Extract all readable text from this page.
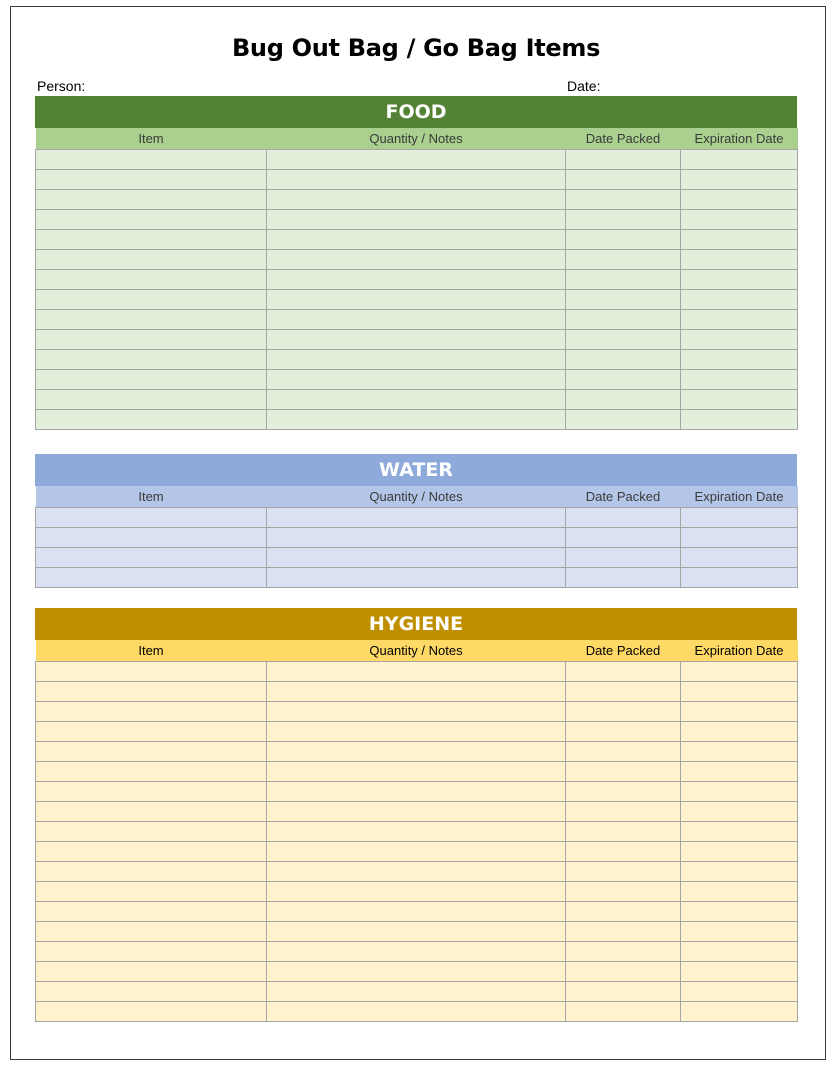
Bug Out Bag / Go Bag Items
Person:	Date:
FOOD
Item	Quantity / Notes	Date Packed	Expiration Date

WATER
Item	Quantity / Notes	Date Packed	Expiration Date

HYGIENE
Item	Quantity / Notes	Date Packed	Expiration Date
